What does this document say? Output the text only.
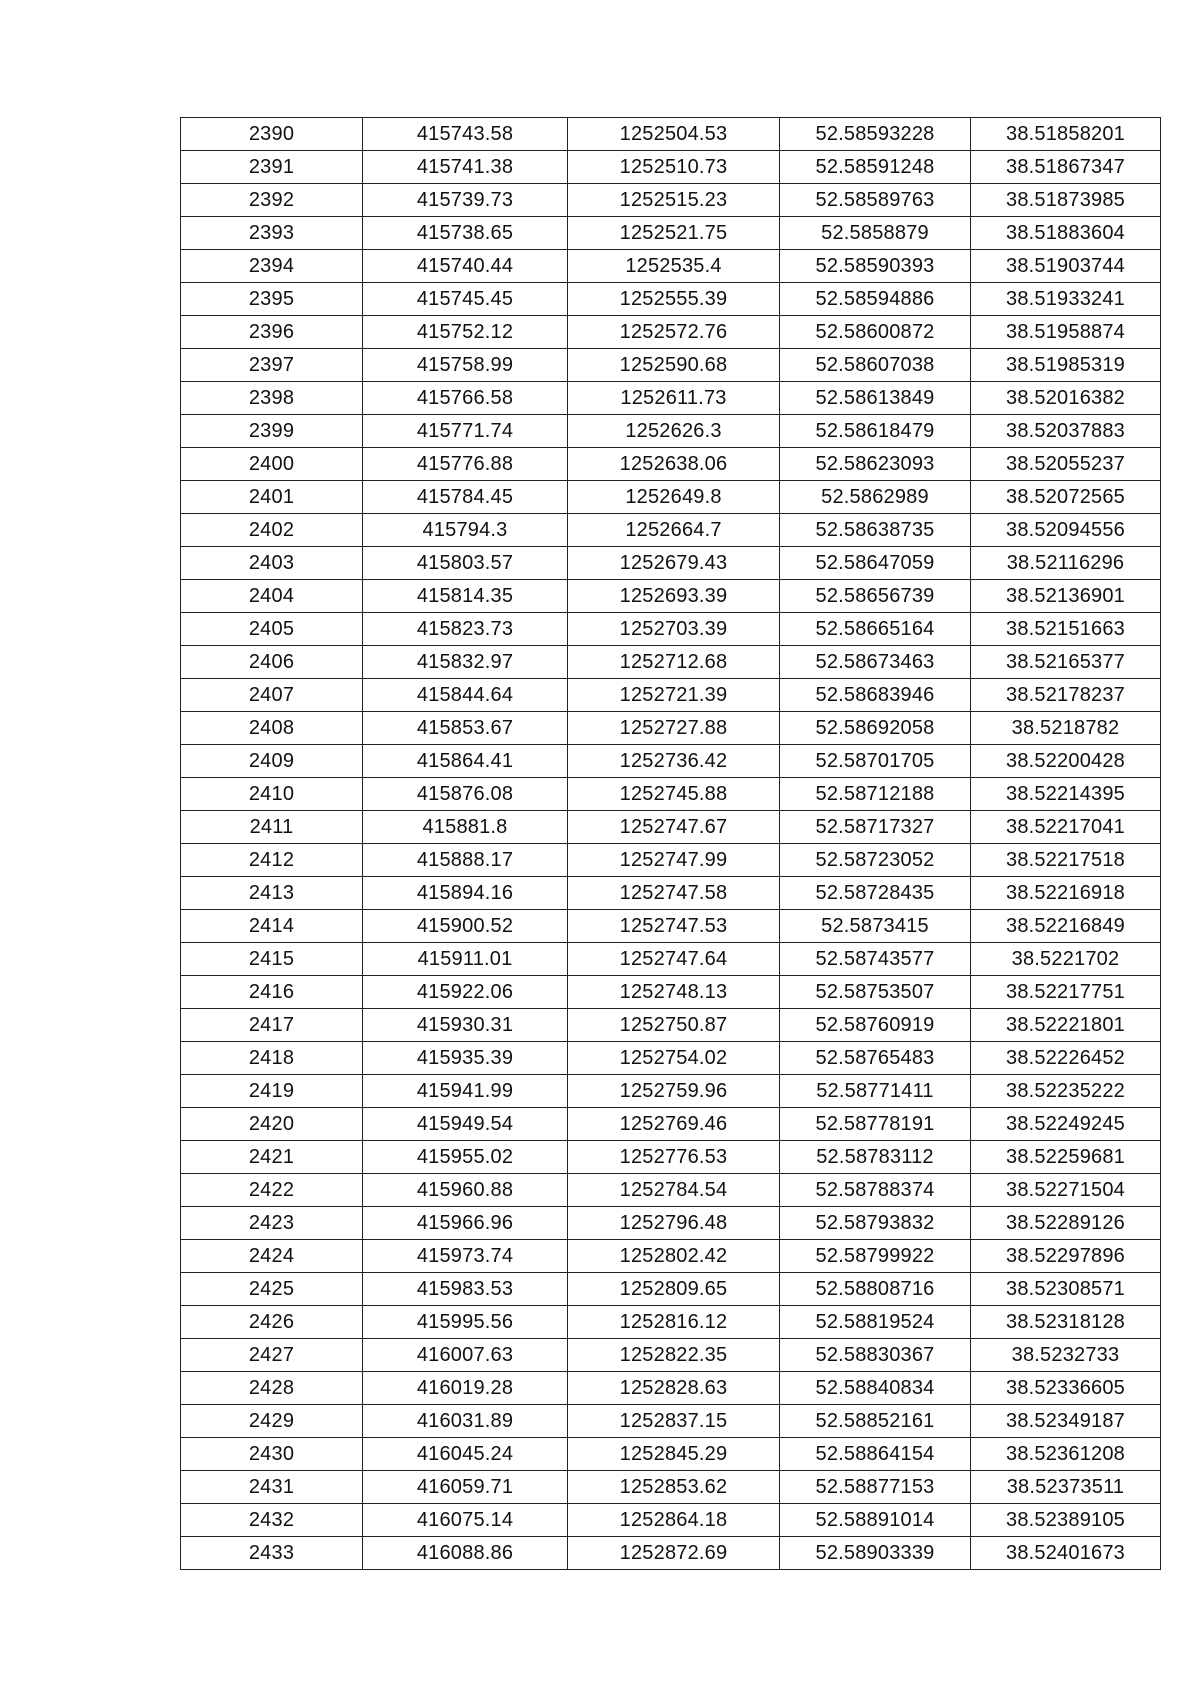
2390	415743.58	1252504.53	52.58593228	38.51858201
2391	415741.38	1252510.73	52.58591248	38.51867347
2392	415739.73	1252515.23	52.58589763	38.51873985
2393	415738.65	1252521.75	52.5858879	38.51883604
2394	415740.44	1252535.4	52.58590393	38.51903744
2395	415745.45	1252555.39	52.58594886	38.51933241
2396	415752.12	1252572.76	52.58600872	38.51958874
2397	415758.99	1252590.68	52.58607038	38.51985319
2398	415766.58	1252611.73	52.58613849	38.52016382
2399	415771.74	1252626.3	52.58618479	38.52037883
2400	415776.88	1252638.06	52.58623093	38.52055237
2401	415784.45	1252649.8	52.5862989	38.52072565
2402	415794.3	1252664.7	52.58638735	38.52094556
2403	415803.57	1252679.43	52.58647059	38.52116296
2404	415814.35	1252693.39	52.58656739	38.52136901
2405	415823.73	1252703.39	52.58665164	38.52151663
2406	415832.97	1252712.68	52.58673463	38.52165377
2407	415844.64	1252721.39	52.58683946	38.52178237
2408	415853.67	1252727.88	52.58692058	38.5218782
2409	415864.41	1252736.42	52.58701705	38.52200428
2410	415876.08	1252745.88	52.58712188	38.52214395
2411	415881.8	1252747.67	52.58717327	38.52217041
2412	415888.17	1252747.99	52.58723052	38.52217518
2413	415894.16	1252747.58	52.58728435	38.52216918
2414	415900.52	1252747.53	52.5873415	38.52216849
2415	415911.01	1252747.64	52.58743577	38.5221702
2416	415922.06	1252748.13	52.58753507	38.52217751
2417	415930.31	1252750.87	52.58760919	38.52221801
2418	415935.39	1252754.02	52.58765483	38.52226452
2419	415941.99	1252759.96	52.58771411	38.52235222
2420	415949.54	1252769.46	52.58778191	38.52249245
2421	415955.02	1252776.53	52.58783112	38.52259681
2422	415960.88	1252784.54	52.58788374	38.52271504
2423	415966.96	1252796.48	52.58793832	38.52289126
2424	415973.74	1252802.42	52.58799922	38.52297896
2425	415983.53	1252809.65	52.58808716	38.52308571
2426	415995.56	1252816.12	52.58819524	38.52318128
2427	416007.63	1252822.35	52.58830367	38.5232733
2428	416019.28	1252828.63	52.58840834	38.52336605
2429	416031.89	1252837.15	52.58852161	38.52349187
2430	416045.24	1252845.29	52.58864154	38.52361208
2431	416059.71	1252853.62	52.58877153	38.52373511
2432	416075.14	1252864.18	52.58891014	38.52389105
2433	416088.86	1252872.69	52.58903339	38.52401673
